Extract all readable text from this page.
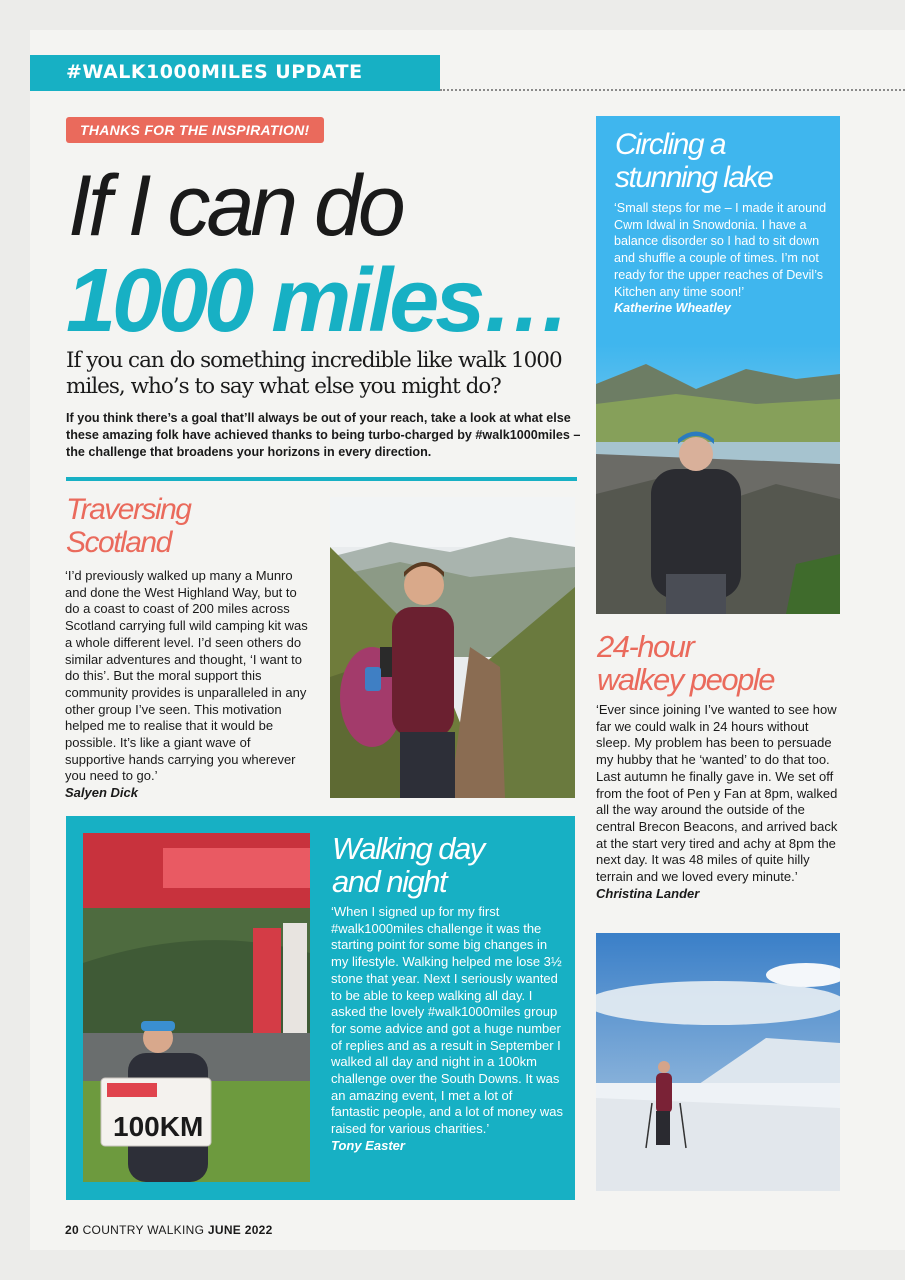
#WALK1000MILES UPDATE
THANKS FOR THE INSPIRATION!
If I can do
1000 miles…
If you can do something incredible like walk 1000 miles, who’s to say what else you might do?
If you think there’s a goal that’ll always be out of your reach, take a look at what else these amazing folk have achieved thanks to being turbo-charged by #walk1000miles – the challenge that broadens your horizons in every direction.
Traversing
Scotland
‘I’d previously walked up many a Munro and done the West Highland Way, but to do a coast to coast of 200 miles across Scotland carrying full wild camping kit was a whole different level. I’d seen others do similar adventures and thought, ‘I want to do this’. But the moral support this community provides is unparalleled in any other group I’ve seen. This motivation helped me to realise that it would be possible. It’s like a giant wave of supportive hands carrying you wherever you need to go.’
Salyen Dick
Circling a
stunning lake
‘Small steps for me – I made it around Cwm Idwal in Snowdonia. I have a balance disorder so I had to sit down and shuffle a couple of times. I’m not ready for the upper reaches of Devil’s Kitchen any time soon!’
Katherine Wheatley
24-hour
walkey people
‘Ever since joining I’ve wanted to see how far we could walk in 24 hours without sleep. My problem has been to persuade my hubby that he ‘wanted’ to do that too. Last autumn he finally gave in. We set off from the foot of Pen y Fan at 8pm, walked all the way around the outside of the central Brecon Beacons, and arrived back at the start very tired and achy at 8pm the next day. It was 48 miles of quite hilly terrain and we loved every minute.’
Christina Lander
100KM
Walking day
and night
‘When I signed up for my first #walk1000miles challenge it was the starting point for some big changes in my lifestyle. Walking helped me lose 3½ stone that year. Next I seriously wanted to be able to keep walking all day. I asked the lovely #walk1000miles group for some advice and got a huge number of replies and as a result in September I walked all day and night in a 100km challenge over the South Downs. It was an amazing event, I met a lot of fantastic people, and a lot of money was raised for various charities.’
Tony Easter
20 COUNTRY WALKING JUNE 2022
